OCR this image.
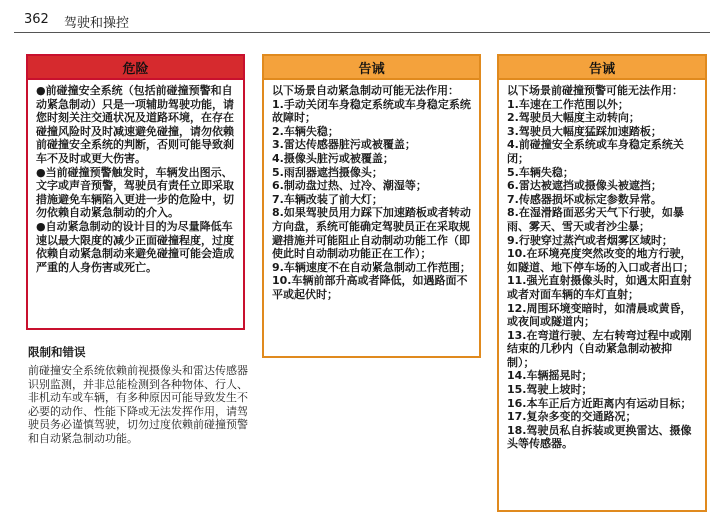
362 驾驶和操控
危险

●前碰撞安全系统（包括前碰撞预警和自动紧急制动）只是一项辅助驾驶功能，请您时刻关注交通状况及道路环境，在存在碰撞风险时及时减速避免碰撞，请勿依赖前碰撞安全系统的判断，否则可能导致刹车不及时或更大伤害。

●当前碰撞预警触发时，车辆发出图示、文字或声音预警，驾驶员有责任立即采取措施避免车辆陷入更进一步的危险中，切勿依赖自动紧急制动的介入。

●自动紧急制动的设计目的为尽量降低车速以最大限度的减少正面碰撞程度，过度依赖自动紧急制动来避免碰撞可能会造成严重的人身伤害或死亡。

限制和错误
前碰撞安全系统依赖前视摄像头和雷达传感器识别监测，并非总能检测到各种物体、行人、非机动车或车辆，有多种原因可能导致发生不必要的动作、性能下降或无法发挥作用，请驾驶员务必谨慎驾驶，切勿过度依赖前碰撞预警和自动紧急制动功能。
告诫

以下场景自动紧急制动可能无法作用：

1.手动关闭车身稳定系统或车身稳定系统故障时；

2.车辆失稳；

3.雷达传感器脏污或被覆盖；

4.摄像头脏污或被覆盖；

5.雨刮器遮挡摄像头；

6.制动盘过热、过冷、潮湿等；

7.车辆改装了前大灯；

8.如果驾驶员用力踩下加速踏板或者转动方向盘，系统可能确定驾驶员正在采取规避措施并可能阻止自动制动功能工作（即使此时自动制动功能正在工作）；

9.车辆速度不在自动紧急制动工作范围；

10.车辆前部升高或者降低，如遇路面不平或起伏时；

告诫

以下场景前碰撞预警可能无法作用：

1.车速在工作范围以外；

2.驾驶员大幅度主动转向；

3.驾驶员大幅度猛踩加速踏板；

4.前碰撞安全系统或车身稳定系统关闭；

5.车辆失稳；

6.雷达被遮挡或摄像头被遮挡；

7.传感器损坏或标定参数异常。

8.在湿滑路面恶劣天气下行驶，如暴雨、雾天、雪天或者沙尘暴；

9.行驶穿过蒸汽或者烟雾区域时；

10.在环境亮度突然改变的地方行驶，如隧道、地下停车场的入口或者出口；

11.强光直射摄像头时，如遇太阳直射或者对面车辆的车灯直射；

12.周围环境变暗时，如清晨或黄昏，或夜间或隧道内；

13.在弯道行驶、左右转弯过程中或刚结束的几秒内（自动紧急制动被抑制）；

14.车辆摇晃时；

15.驾驶上坡时；

16.本车正后方近距离内有运动目标；

17.复杂多变的交通路况；

18.驾驶员私自拆装或更换雷达、摄像头等传感器。
